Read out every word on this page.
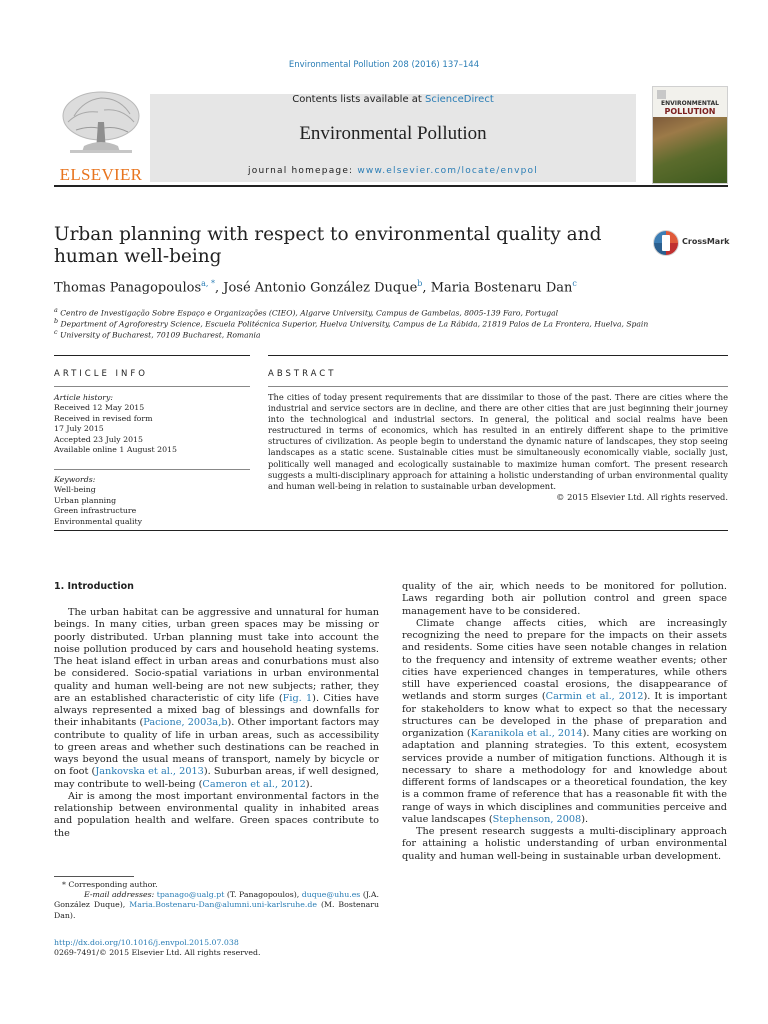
Environmental Pollution 208 (2016) 137–144
ELSEVIER
Contents lists available at ScienceDirect
Environmental Pollution
journal homepage: www.elsevier.com/locate/envpol
ENVIRONMENTAL
POLLUTION
Urban planning with respect to environmental quality and human well-being
CrossMark
Thomas Panagopoulos$^{a, *}$, José Antonio González Duque$^b$, Maria Bostenaru Dan$^c$
$^a$ Centro de Investigação Sobre Espaço e Organizações (CIEO), Algarve University, Campus de Gambelas, 8005-139 Faro, Portugal
$^b$ Department of Agroforestry Science, Escuela Politécnica Superior, Huelva University, Campus de La Rábida, 21819 Palos de La Frontera, Huelva, Spain
$^c$ University of Bucharest, 70109 Bucharest, Romania
ARTICLE INFO
Article history:
Received 12 May 2015
Received in revised form
17 July 2015
Accepted 23 July 2015
Available online 1 August 2015
Keywords:
Well-being
Urban planning
Green infrastructure
Environmental quality
ABSTRACT
The cities of today present requirements that are dissimilar to those of the past. There are cities where the industrial and service sectors are in decline, and there are other cities that are just beginning their journey into the technological and industrial sectors. In general, the political and social realms have been restructured in terms of economics, which has resulted in an entirely different shape to the primitive structures of civilization. As people begin to understand the dynamic nature of landscapes, they stop seeing landscapes as a static scene. Sustainable cities must be simultaneously economically viable, socially just, politically well managed and ecologically sustainable to maximize human comfort. The present research suggests a multi-disciplinary approach for attaining a holistic understanding of urban environmental quality and human well-being in relation to sustainable urban development.
© 2015 Elsevier Ltd. All rights reserved.
1. Introduction

The urban habitat can be aggressive and unnatural for human beings. In many cities, urban green spaces may be missing or poorly distributed. Urban planning must take into account the noise pollution produced by cars and household heating systems. The heat island effect in urban areas and conurbations must also be considered. Socio-spatial variations in urban environmental quality and human well-being are not new subjects; rather, they are an established characteristic of city life (Fig. 1). Cities have always represented a mixed bag of blessings and downfalls for their inhabitants (Pacione, 2003a,b). Other important factors may contribute to quality of life in urban areas, such as accessibility to green areas and whether such destinations can be reached in ways beyond the usual means of transport, namely by bicycle or on foot (Jankovska et al., 2013). Suburban areas, if well designed, may contribute to well-being (Cameron et al., 2012).

Air is among the most important environmental factors in the relationship between environmental quality in inhabited areas and population health and welfare. Green spaces contribute to the

* Corresponding author.
E-mail addresses: tpanago@ualg.pt (T. Panagopoulos), duque@uhu.es (J.A. González Duque), Maria.Bostenaru-Dan@alumni.uni-karlsruhe.de (M. Bostenaru Dan).
http://dx.doi.org/10.1016/j.envpol.2015.07.038
0269-7491/© 2015 Elsevier Ltd. All rights reserved.

quality of the air, which needs to be monitored for pollution. Laws regarding both air pollution control and green space management have to be considered.

Climate change affects cities, which are increasingly recognizing the need to prepare for the impacts on their assets and residents. Some cities have seen notable changes in relation to the frequency and intensity of extreme weather events; other cities have experienced changes in temperatures, while others still have experienced coastal erosions, the disappearance of wetlands and storm surges (Carmin et al., 2012). It is important for stakeholders to know what to expect so that the necessary structures can be developed in the phase of preparation and organization (Karanikola et al., 2014). Many cities are working on adaptation and planning strategies. To this extent, ecosystem services provide a number of mitigation functions. Although it is necessary to share a methodology for and knowledge about different forms of landscapes or a theoretical foundation, the key is a common frame of reference that has a reasonable fit with the range of ways in which disciplines and communities perceive and value landscapes (Stephenson, 2008).

The present research suggests a multi-disciplinary approach for attaining a holistic understanding of urban environmental quality and human well-being in sustainable urban development.
